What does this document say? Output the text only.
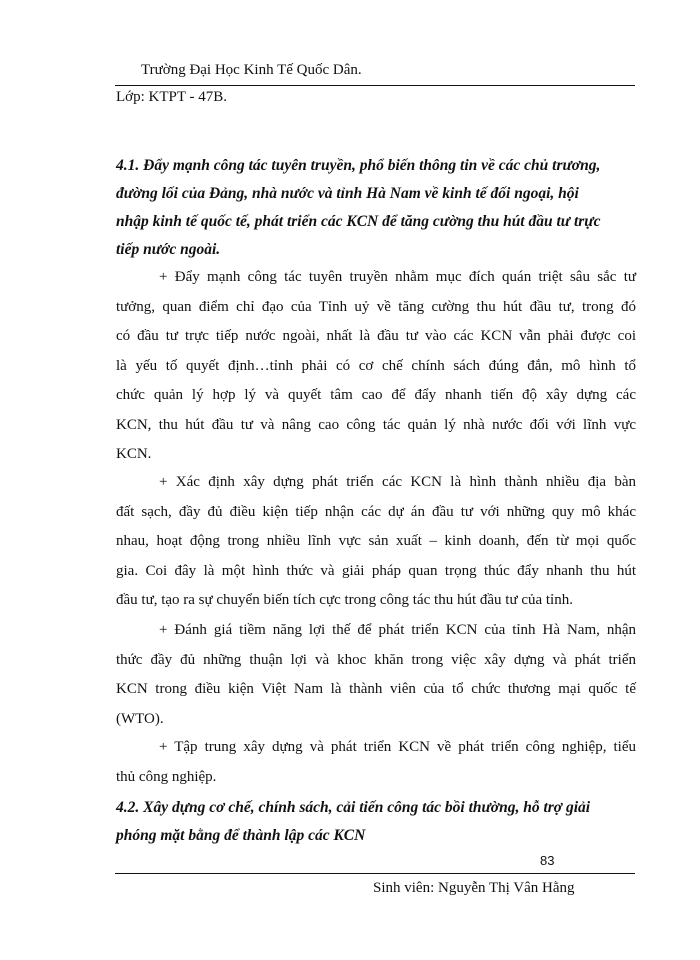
Trường Đại Học Kinh Tế Quốc Dân.
Lớp: KTPT - 47B.
4.1. Đẩy mạnh công tác tuyên truyền, phổ biến thông tin về các chủ trương,
đường lối của Đảng, nhà nước và tỉnh Hà Nam về kinh tế đối ngoại, hội
nhập kinh tế quốc tế, phát triển các KCN để tăng cường thu hút đầu tư trực
tiếp nước ngoài.
+ Đẩy mạnh công tác tuyên truyền nhằm mục đích quán triệt sâu sắc tư
tưởng, quan điểm chỉ đạo của Tỉnh uỷ về tăng cường thu hút đầu tư, trong đó
có đầu tư trực tiếp nước ngoài, nhất là đầu tư vào các KCN vẫn phải được coi
là yếu tố quyết định…tỉnh phải có cơ chế chính sách đúng đắn, mô hình tổ
chức quản lý hợp lý và quyết tâm cao để đẩy nhanh tiến độ xây dựng các
KCN, thu hút đầu tư và nâng cao công tác quản lý nhà nước đối với lĩnh vực
KCN.
+ Xác định xây dựng phát triển các KCN là hình thành nhiều địa bàn
đất sạch, đầy đủ điều kiện tiếp nhận các dự án đầu tư với những quy mô khác
nhau, hoạt động trong nhiều lĩnh vực sản xuất – kinh doanh, đến từ mọi quốc
gia. Coi đây là một hình thức và giải pháp quan trọng thúc đẩy nhanh thu hút
đầu tư, tạo ra sự chuyển biến tích cực trong công tác thu hút đầu tư của tỉnh.
+ Đánh giá tiềm năng lợi thế để phát triển KCN của tỉnh Hà Nam, nhận
thức đầy đủ những thuận lợi và khoc khăn trong việc xây dựng và phát triển
KCN trong điều kiện Việt Nam là thành viên của tổ chức thương mại quốc tế
(WTO).
+ Tập trung xây dựng và phát triển KCN về phát triển công nghiệp, tiểu
thủ công nghiệp.
4.2. Xây dựng cơ chế, chính sách, cải tiến công tác bồi thường, hỗ trợ giải
phóng mặt bằng để thành lập các KCN
83
Sinh viên: Nguyễn Thị Vân Hằng
